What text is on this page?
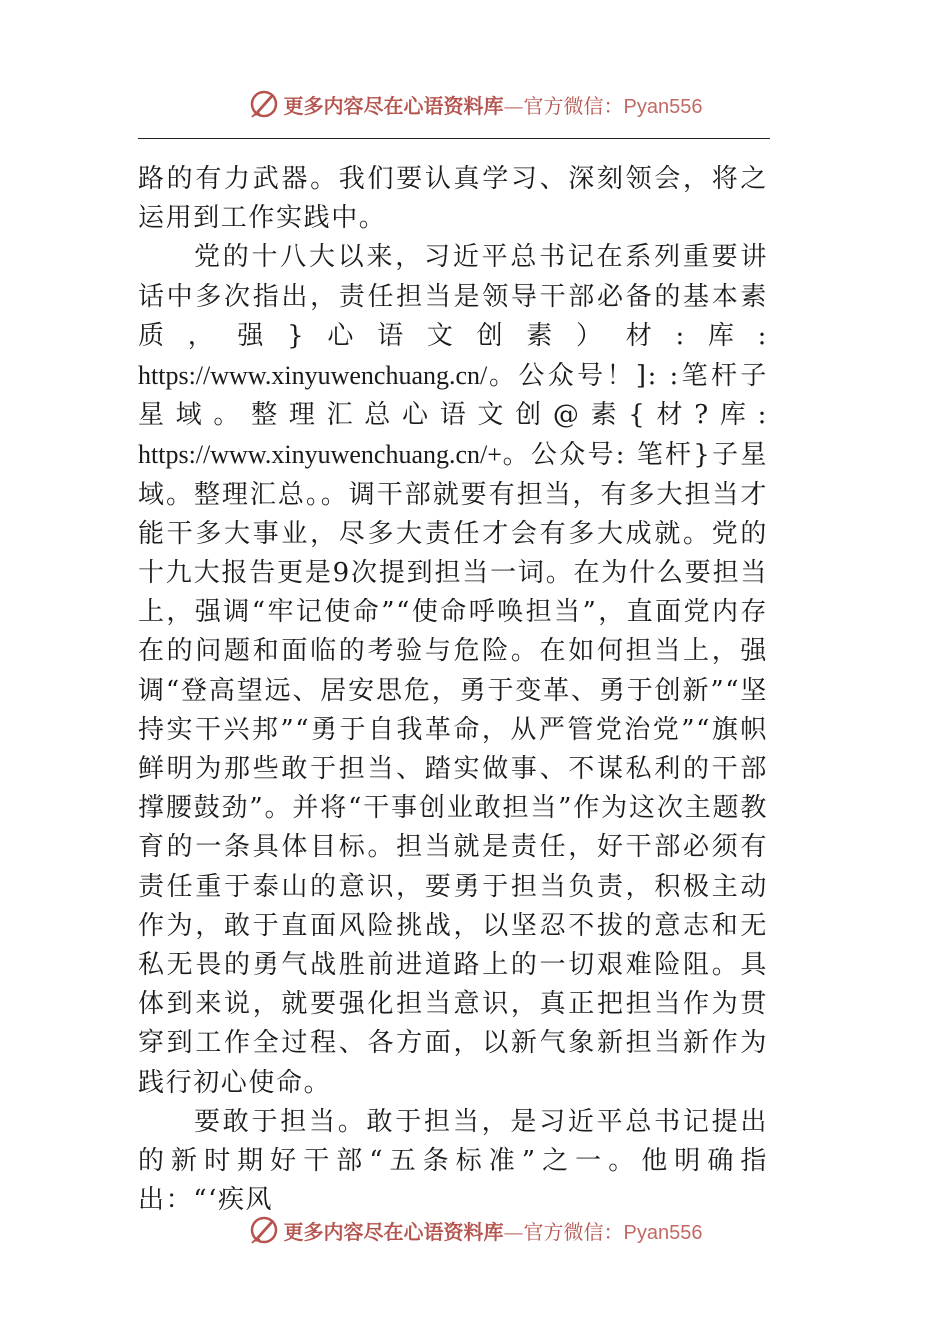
更多内容尽在心语资料库—官方微信：Pyan556

路的有力武器。我们要认真学习、深刻领会，将之运用到工作实践中。

党的十八大以来，习近平总书记在系列重要讲话中多次指出，责任担当是领导干部必备的基本素质，强}心语文创素）材:库: https://www.xinyuwenchuang.cn/。公众号！]: :笔杆子星域。整理汇总心语文创@素{材?库: https://www.xinyuwenchuang.cn/+。公众号: 笔杆}子星域。整理汇总。。调干部就要有担当，有多大担当才能干多大事业，尽多大责任才会有多大成就。党的十九大报告更是9次提到担当一词。在为什么要担当上，强调“牢记使命”“使命呼唤担当”，直面党内存在的问题和面临的考验与危险。在如何担当上，强调“登高望远、居安思危，勇于变革、勇于创新”“坚持实干兴邦”“勇于自我革命，从严管党治党”“旗帜鲜明为那些敢于担当、踏实做事、不谋私利的干部撑腰鼓劲”。并将“干事创业敢担当”作为这次主题教育的一条具体目标。担当就是责任，好干部必须有责任重于泰山的意识，要勇于担当负责，积极主动作为，敢于直面风险挑战，以坚忍不拔的意志和无私无畏的勇气战胜前进道路上的一切艰难险阻。具体到来说，就要强化担当意识，真正把担当作为贯穿到工作全过程、各方面，以新气象新担当新作为践行初心使命。

要敢于担当。敢于担当，是习近平总书记提出的新时期好干部“五条标准”之一。他明确指出：“‘疾风

更多内容尽在心语资料库—官方微信：Pyan556
